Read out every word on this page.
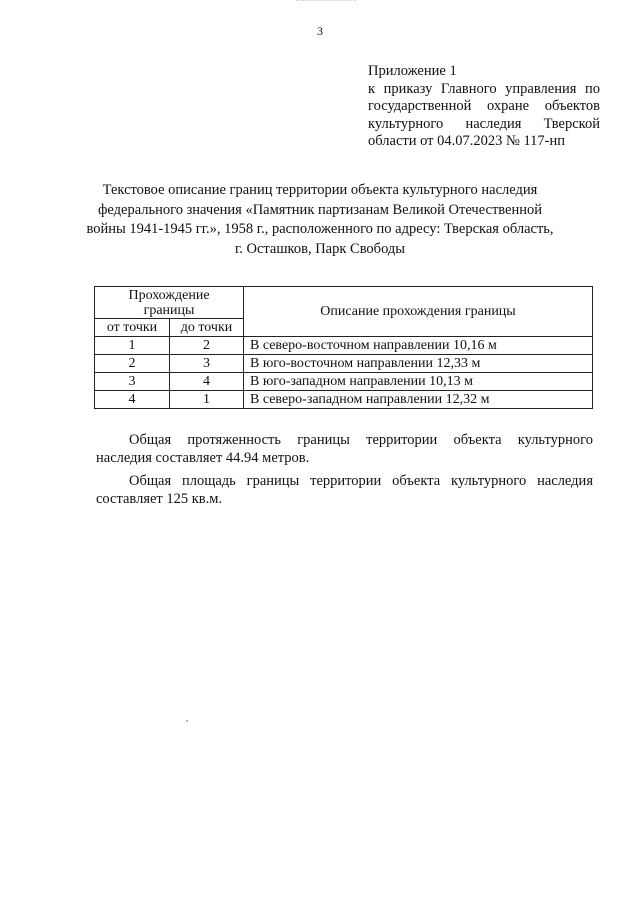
3
Приложение 1
к приказу Главного управления по
государственной охране объектов
культурного наследия Тверской
области от 04.07.2023 № 117-нп
Текстовое описание границ территории объекта культурного наследия
федерального значения «Памятник партизанам Великой Отечественной
войны 1941-1945 гг.», 1958 г., расположенного по адресу: Тверская область,
г. Осташков, Парк Свободы
Прохождение
границы		Описание прохождения границы
от точки	до точки	
1	2	В северо-восточном направлении 10,16 м
2	3	В юго-восточном направлении 12,33 м
3	4	В юго-западном направлении 10,13 м
4	1	В северо-западном направлении 12,32 м

Общая протяженность границы территории объекта культурного
наследия составляет 44.94 метров.

Общая площадь границы территории объекта культурного наследия
составляет 125 кв.м.
